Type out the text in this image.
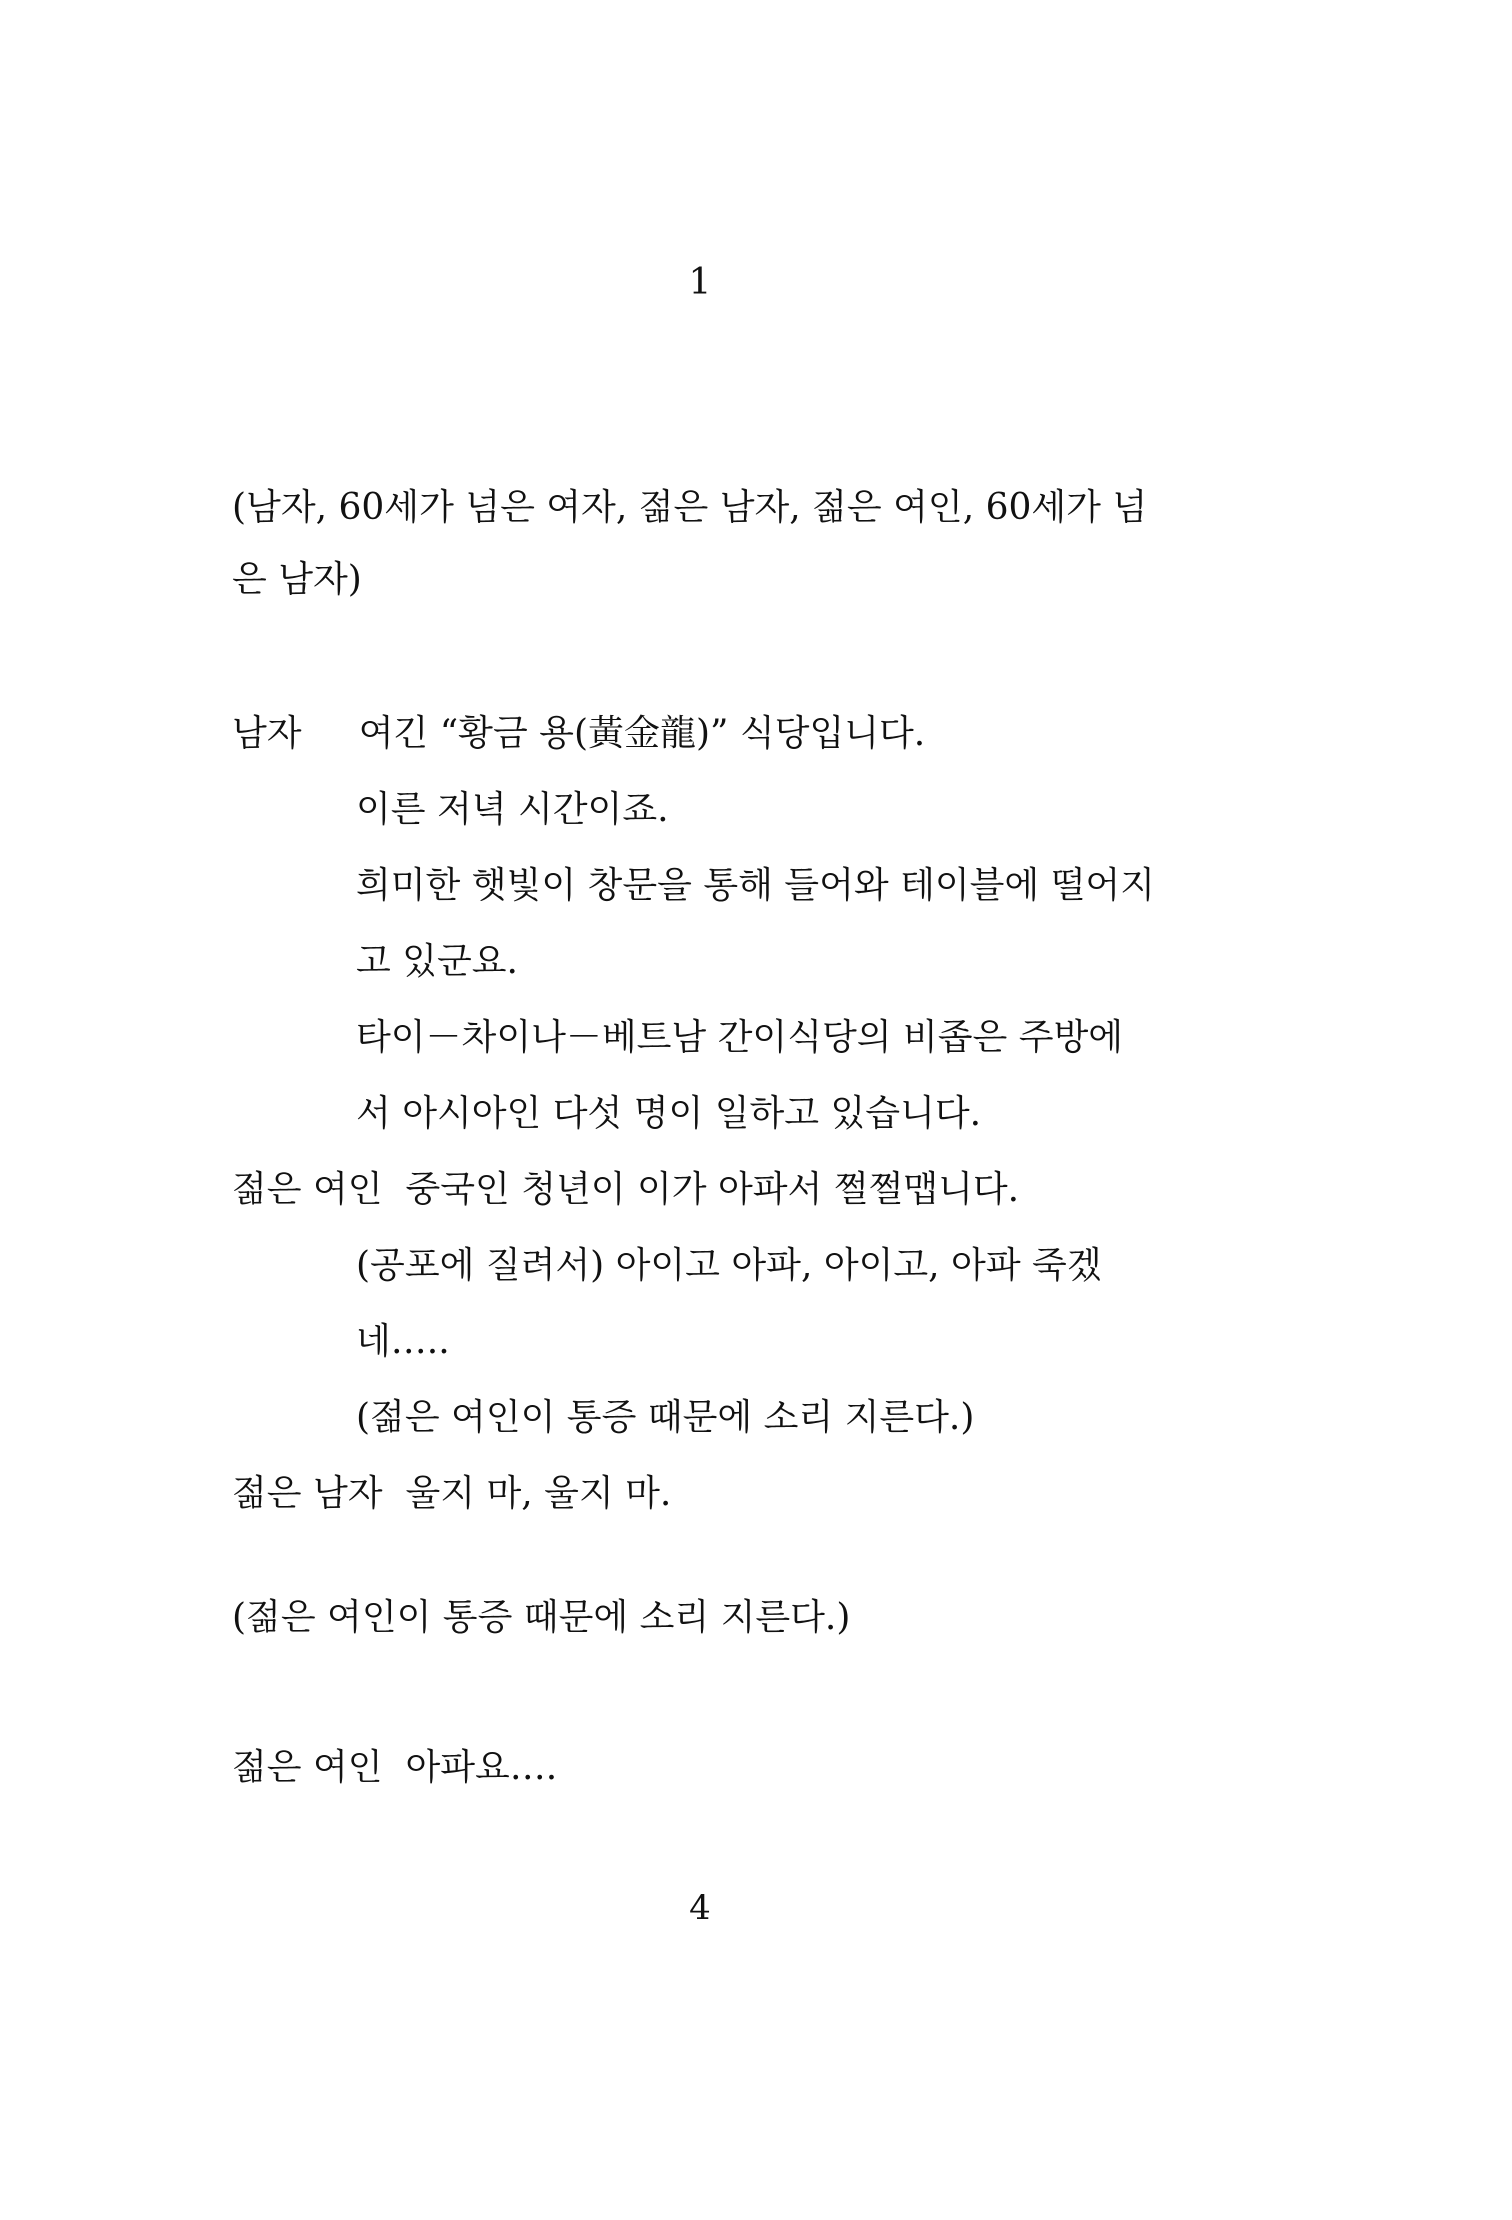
1

(남자, 60세가 넘은 여자, 젊은 남자, 젊은 여인, 60세가 넘은 남자)

남자 여긴 “황금 용(黃金龍)” 식당입니다.
이른 저녁 시간이죠.
희미한 햇빛이 창문을 통해 들어와 테이블에 떨어지
고 있군요.
타이－차이나－베트남 간이식당의 비좁은 주방에
서 아시아인 다섯 명이 일하고 있습니다.
젊은 여인 중국인 청년이 이가 아파서 쩔쩔맵니다.
(공포에 질려서) 아이고 아파, 아이고, 아파 죽겠
네…..
(젊은 여인이 통증 때문에 소리 지른다.)
젊은 남자 울지 마, 울지 마.
(젊은 여인이 통증 때문에 소리 지른다.)
젊은 여인 아파요….
4
